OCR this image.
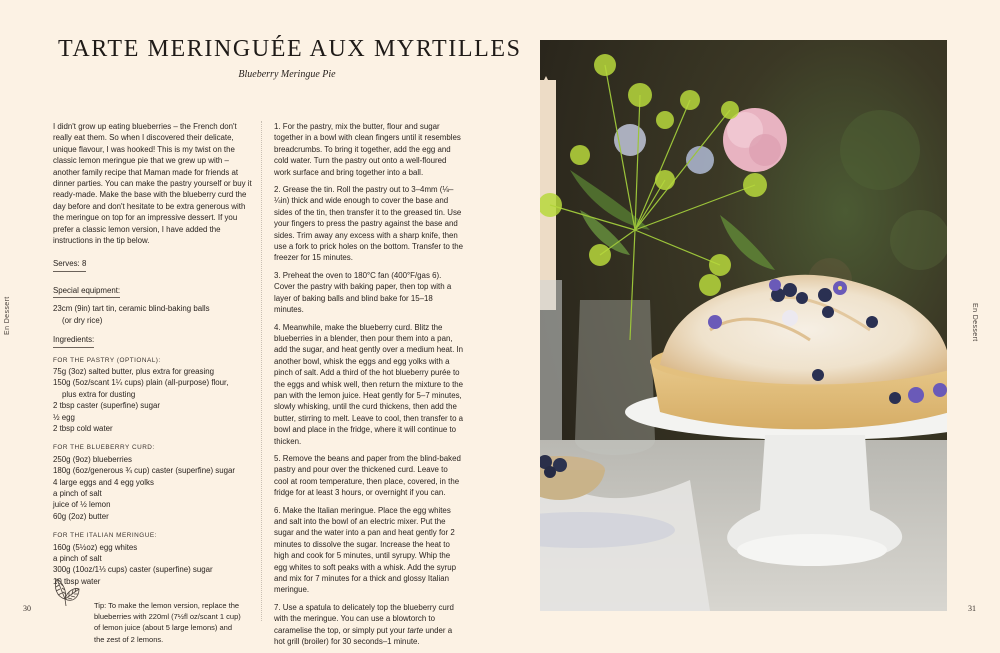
TARTE MERINGUÉE AUX MYRTILLES
Blueberry Meringue Pie

I didn't grow up eating blueberries – the French don't really eat them. So when I discovered their delicate, unique flavour, I was hooked! This is my twist on the classic lemon meringue pie that we grew up with – another family recipe that Maman made for friends at dinner parties. You can make the pastry yourself or buy it ready-made. Make the base with the blueberry curd the day before and don't hesitate to be extra generous with the meringue on top for an impressive dessert. If you prefer a classic lemon version, I have added the instructions in the tip below.

Serves: 8
Special equipment:
23cm (9in) tart tin, ceramic blind-baking balls
(or dry rice)
Ingredients:
FOR THE PASTRY (OPTIONAL):
75g (3oz) salted butter, plus extra for greasing
150g (5oz/scant 1¼ cups) plain (all-purpose) flour,
plus extra for dusting
2 tbsp caster (superfine) sugar
½ egg
2 tbsp cold water
FOR THE BLUEBERRY CURD:
250g (9oz) blueberries
180g (6oz/generous ¾ cup) caster (superfine) sugar
4 large eggs and 4 egg yolks
a pinch of salt
juice of ½ lemon
60g (2oz) butter
FOR THE ITALIAN MERINGUE:
160g (5½oz) egg whites
a pinch of salt
300g (10oz/1⅓ cups) caster (superfine) sugar
10 tbsp water
Tip: To make the lemon version, replace the blueberries with 220ml (7½fl oz/scant 1 cup) of lemon juice (about 5 large lemons) and the zest of 2 lemons.

1. For the pastry, mix the butter, flour and sugar together in a bowl with clean fingers until it resembles breadcrumbs. To bring it together, add the egg and cold water. Turn the pastry out onto a well-floured work surface and bring together into a ball.

2. Grease the tin. Roll the pastry out to 3–4mm (⅛–¼in) thick and wide enough to cover the base and sides of the tin, then transfer it to the greased tin. Use your fingers to press the pastry against the base and sides. Trim away any excess with a sharp knife, then use a fork to prick holes on the bottom. Transfer to the freezer for 15 minutes.

3. Preheat the oven to 180°C fan (400°F/gas 6). Cover the pastry with baking paper, then top with a layer of baking balls and blind bake for 15–18 minutes.

4. Meanwhile, make the blueberry curd. Blitz the blueberries in a blender, then pour them into a pan, add the sugar, and heat gently over a medium heat. In another bowl, whisk the eggs and egg yolks with a pinch of salt. Add a third of the hot blueberry purée to the eggs and whisk well, then return the mixture to the pan with the lemon juice. Heat gently for 5–7 minutes, slowly whisking, until the curd thickens, then add the butter, stirring to melt. Leave to cool, then transfer to a bowl and place in the fridge, where it will continue to thicken.

5. Remove the beans and paper from the blind-baked pastry and pour over the thickened curd. Leave to cool at room temperature, then place, covered, in the fridge for at least 3 hours, or overnight if you can.

6. Make the Italian meringue. Place the egg whites and salt into the bowl of an electric mixer. Put the sugar and the water into a pan and heat gently for 2 minutes to dissolve the sugar. Increase the heat to high and cook for 5 minutes, until syrupy. Whip the egg whites to soft peaks with a whisk. Add the syrup and mix for 7 minutes for a thick and glossy Italian meringue.

7. Use a spatula to delicately top the blueberry curd with the meringue. You can use a blowtorch to caramelise the top, or simply put your tarte under a hot grill (broiler) for 30 seconds–1 minute.

30	31
En Dessert	En Dessert
